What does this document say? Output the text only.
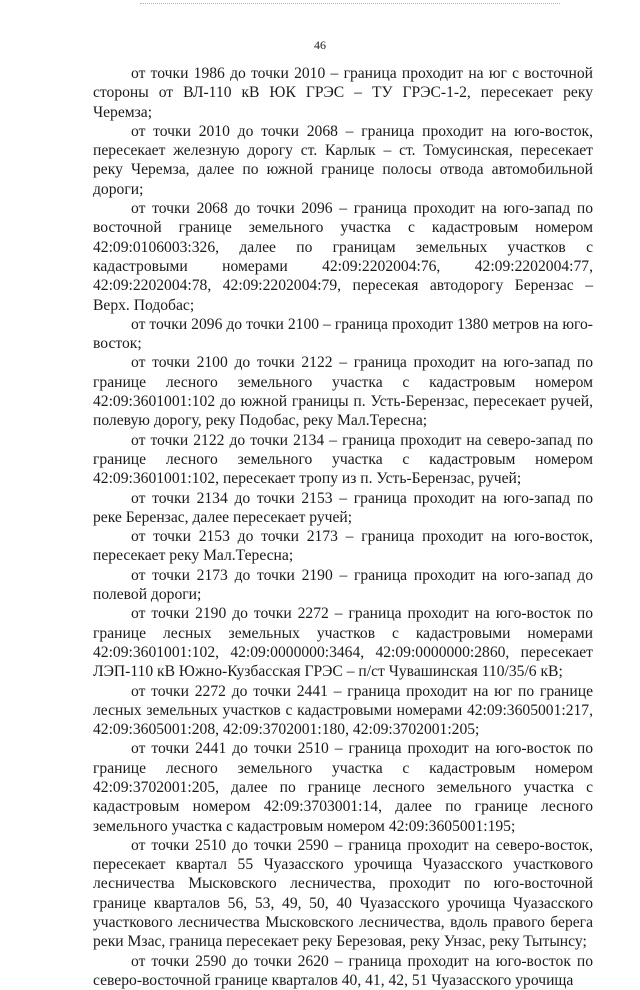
46

от точки 1986 до точки 2010 – граница проходит на юг с восточной стороны от ВЛ-110 кВ ЮК ГРЭС – ТУ ГРЭС-1-2, пересекает реку Черемза;

от точки 2010 до точки 2068 – граница проходит на юго-восток, пересекает железную дорогу ст. Карлык – ст. Томусинская, пересекает реку Черемза, далее по южной границе полосы отвода автомобильной дороги;

от точки 2068 до точки 2096 – граница проходит на юго-запад по восточной границе земельного участка с кадастровым номером 42:09:0106003:326, далее по границам земельных участков с кадастровыми номерами 42:09:2202004:76, 42:09:2202004:77, 42:09:2202004:78, 42:09:2202004:79, пересекая автодорогу Берензас – Верх. Подобас;

от точки 2096 до точки 2100 – граница проходит 1380 метров на юго-восток;

от точки 2100 до точки 2122 – граница проходит на юго-запад по границе лесного земельного участка с кадастровым номером 42:09:3601001:102 до южной границы п. Усть-Берензас, пересекает ручей, полевую дорогу, реку Подобас, реку Мал.Тересна;

от точки 2122 до точки 2134 – граница проходит на северо-запад по границе лесного земельного участка с кадастровым номером 42:09:3601001:102, пересекает тропу из п. Усть-Берензас, ручей;

от точки 2134 до точки 2153 – граница проходит на юго-запад по реке Берензас, далее пересекает ручей;

от точки 2153 до точки 2173 – граница проходит на юго-восток, пересекает реку Мал.Тересна;

от точки 2173 до точки 2190 – граница проходит на юго-запад до полевой дороги;

от точки 2190 до точки 2272 – граница проходит на юго-восток по границе лесных земельных участков с кадастровыми номерами 42:09:3601001:102, 42:09:0000000:3464, 42:09:0000000:2860, пересекает ЛЭП-110 кВ Южно-Кузбасская ГРЭС – п/ст Чувашинская 110/35/6 кВ;

от точки 2272 до точки 2441 – граница проходит на юг по границе лесных земельных участков с кадастровыми номерами 42:09:3605001:217, 42:09:3605001:208, 42:09:3702001:180, 42:09:3702001:205;

от точки 2441 до точки 2510 – граница проходит на юго-восток по границе лесного земельного участка с кадастровым номером 42:09:3702001:205, далее по границе лесного земельного участка с кадастровым номером 42:09:3703001:14, далее по границе лесного земельного участка с кадастровым номером 42:09:3605001:195;

от точки 2510 до точки 2590 – граница проходит на северо-восток, пересекает квартал 55 Чуазасского урочища Чуазасского участкового лесничества Мысковского лесничества, проходит по юго-восточной границе кварталов 56, 53, 49, 50, 40 Чуазасского урочища Чуазасского участкового лесничества Мысковского лесничества, вдоль правого берега реки Мзас, граница пересекает реку Березовая, реку Унзас, реку Тытынсу;

от точки 2590 до точки 2620 – граница проходит на юго-восток по северо-восточной границе кварталов 40, 41, 42, 51 Чуазасского урочища
